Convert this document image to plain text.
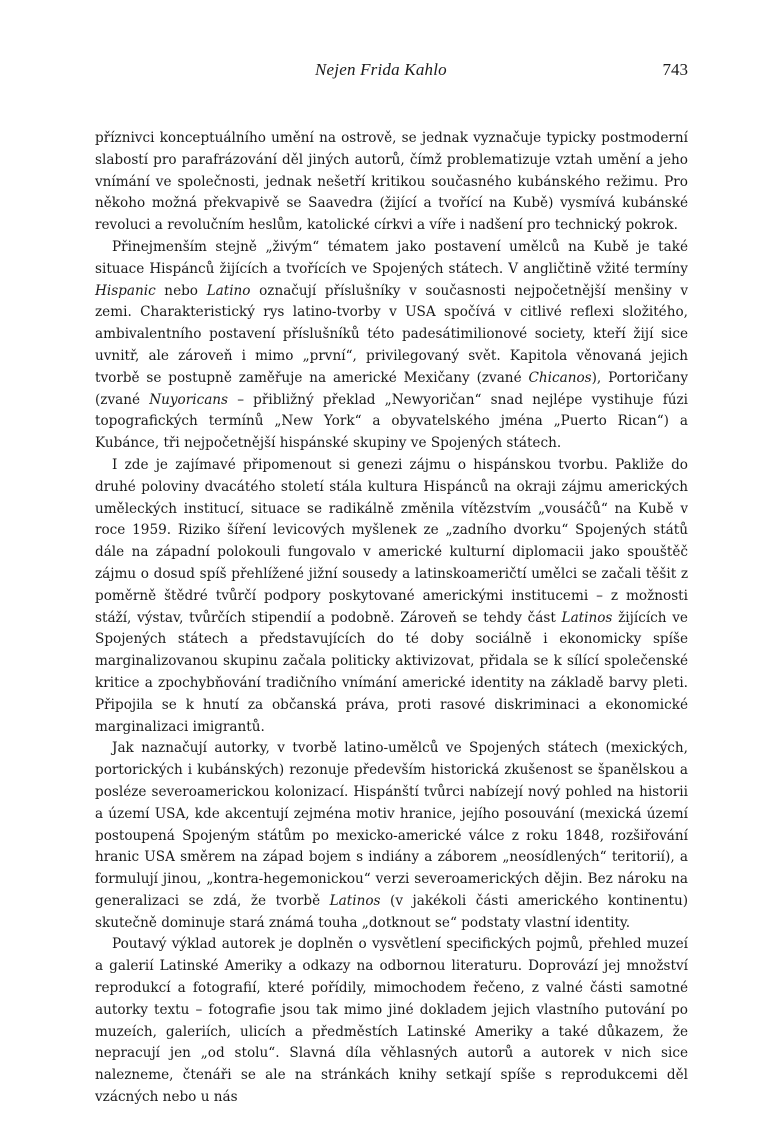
Nejen Frida Kahlo	743

příznivci konceptuálního umění na ostrově, se jednak vyznačuje typicky postmoderní slabostí pro parafrázování děl jiných autorů, čímž problematizuje vztah umění a jeho vnímání ve společnosti, jednak nešetří kritikou současného kubánského režimu. Pro někoho možná překvapivě se Saavedra (žijící a tvořící na Kubě) vysmívá kubánské revoluci a revolučním heslům, katolické církvi a víře i nadšení pro technický pokrok.

Přinejmenším stejně „živým“ tématem jako postavení umělců na Kubě je také situace Hispánců žijících a tvořících ve Spojených státech. V angličtině vžité termíny Hispanic nebo Latino označují příslušníky v současnosti nejpočetnější menšiny v zemi. Charakteristický rys latino-tvorby v USA spočívá v citlivé reflexi složitého, ambivalentního postavení příslušníků této padesátimilionové society, kteří žijí sice uvnitř, ale zároveň i mimo „první“, privilegovaný svět. Kapitola věnovaná jejich tvorbě se postupně zaměřuje na americké Mexičany (zvané Chicanos), Portoričany (zvané Nuyoricans – přibližný překlad „Newyoričan“ snad nejlépe vystihuje fúzi topografických termínů „New York“ a obyvatelského jména „Puerto Rican“) a Kubánce, tři nejpočetnější hispánské skupiny ve Spojených státech.

I zde je zajímavé připomenout si genezi zájmu o hispánskou tvorbu. Pakliže do druhé poloviny dvacátého století stála kultura Hispánců na okraji zájmu amerických uměleckých institucí, situace se radikálně změnila vítězstvím „vousáčů“ na Kubě v roce 1959. Riziko šíření levicových myšlenek ze „zadního dvorku“ Spojených států dále na západní polokouli fungovalo v americké kulturní diplomacii jako spouštěč zájmu o dosud spíš přehlížené jižní sousedy a latinskoameričtí umělci se začali těšit z poměrně štědré tvůrčí podpory poskytované americkými institucemi – z možnosti stáží, výstav, tvůrčích stipendií a podobně. Zároveň se tehdy část Latinos žijících ve Spojených státech a představujících do té doby sociálně i ekonomicky spíše marginalizovanou skupinu začala politicky aktivizovat, přidala se k sílící společenské kritice a zpochybňování tradičního vnímání americké identity na základě barvy pleti. Připojila se k hnutí za občanská práva, proti rasové diskriminaci a ekonomické marginalizaci imigrantů.

Jak naznačují autorky, v tvorbě latino-umělců ve Spojených státech (mexických, portorických i kubánských) rezonuje především historická zkušenost se španělskou a posléze severoamerickou kolonizací. Hispánští tvůrci nabízejí nový pohled na historii a území USA, kde akcentují zejména motiv hranice, jejího posouvání (mexická území postoupená Spojeným státům po mexicko-americké válce z roku 1848, rozšiřování hranic USA směrem na západ bojem s indiány a záborem „neosídlených“ teritorií), a formulují jinou, „kontra-hegemonickou“ verzi severoamerických dějin. Bez nároku na generalizaci se zdá, že tvorbě Latinos (v jakékoli části amerického kontinentu) skutečně dominuje stará známá touha „dotknout se“ podstaty vlastní identity.

Poutavý výklad autorek je doplněn o vysvětlení specifických pojmů, přehled muzeí a galerií Latinské Ameriky a odkazy na odbornou literaturu. Doprovází jej množství reprodukcí a fotografií, které pořídily, mimochodem řečeno, z valné části samotné autorky textu – fotografie jsou tak mimo jiné dokladem jejich vlastního putování po muzeích, galeriích, ulicích a předměstích Latinské Ameriky a také důkazem, že nepracují jen „od stolu“. Slavná díla věhlasných autorů a autorek v nich sice nalezneme, čtenáři se ale na stránkách knihy setkají spíše s reprodukcemi děl vzácných nebo u nás
